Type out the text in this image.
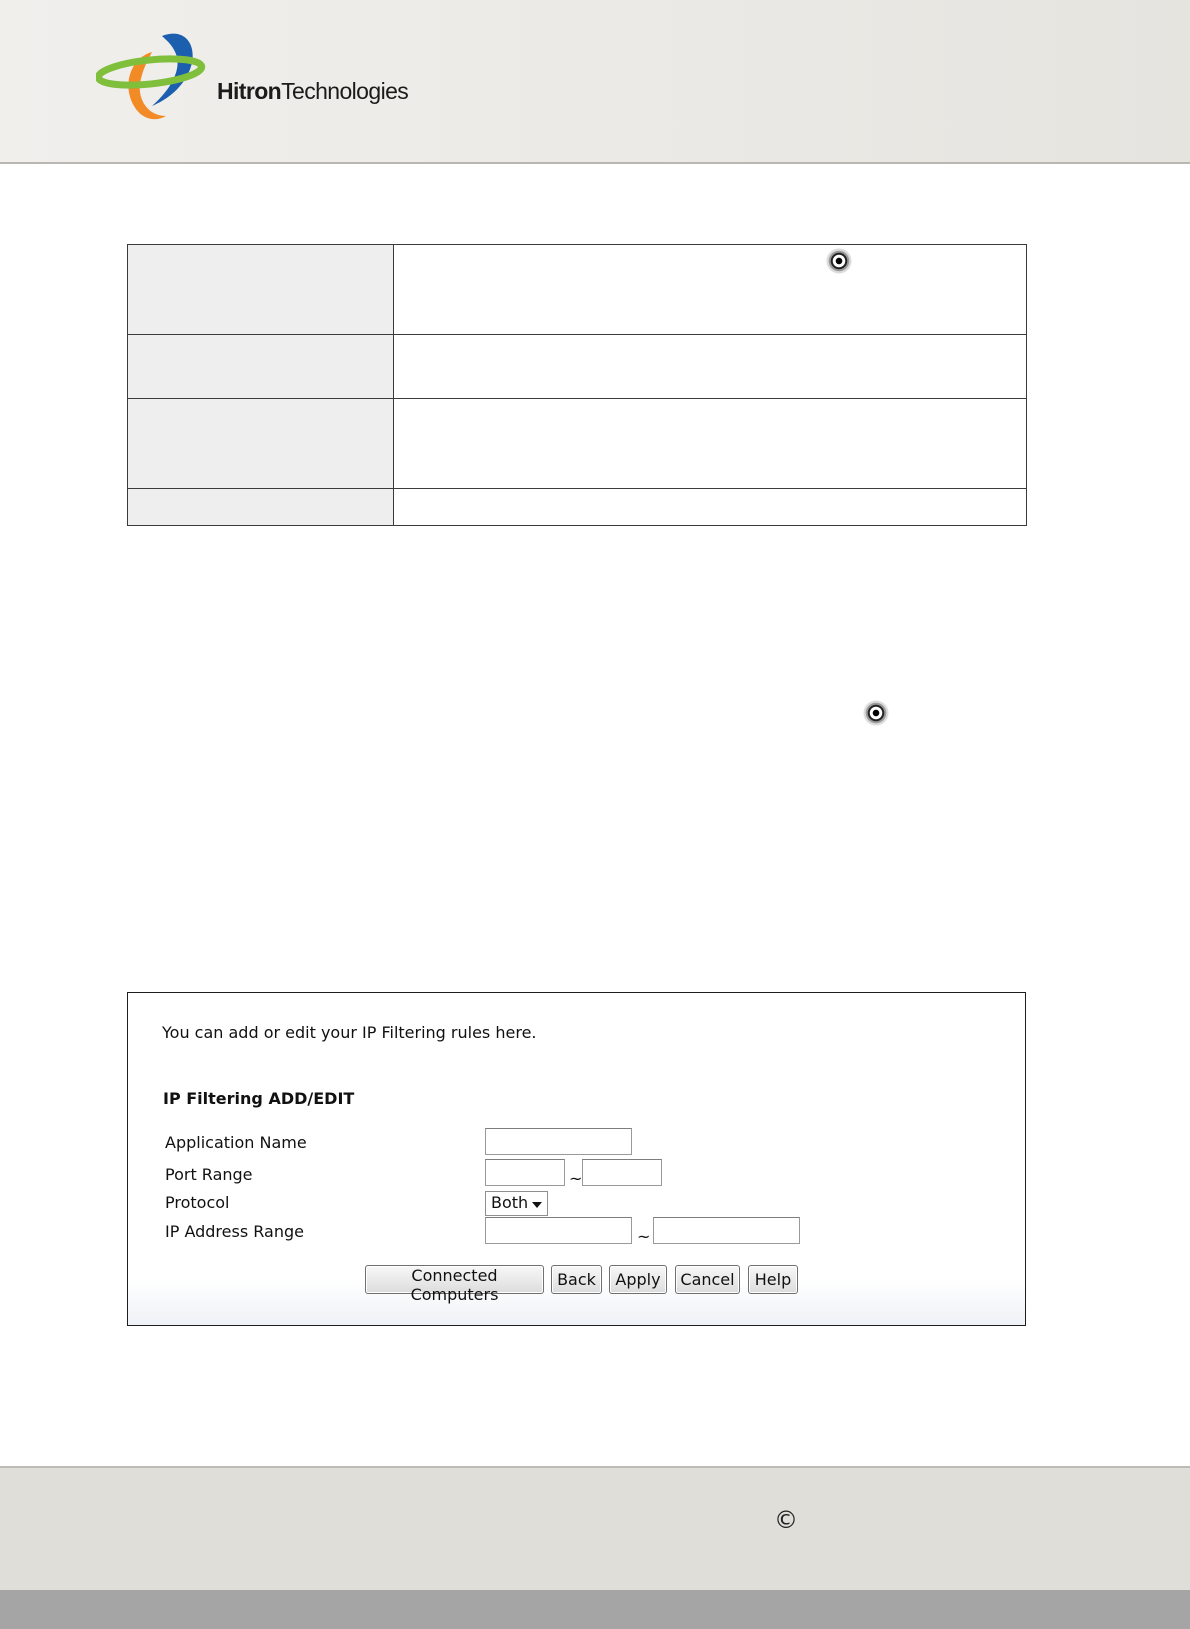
HitronTechnologies

You can add or edit your IP Filtering rules here.
IP Filtering ADD/EDIT
Application Name
Port Range	~
Protocol	Both
IP Address Range	~
Connected Computers
Back	Apply	Cancel	Help
©
